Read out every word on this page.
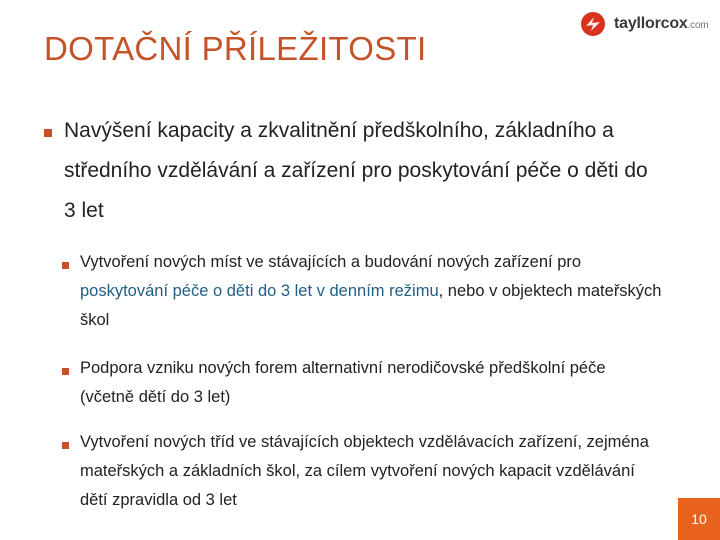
tayllorcox.com
DOTAČNÍ PŘÍLEŽITOSTI
Navýšení kapacity a zkvalitnění předškolního, základního a středního vzdělávání a zařízení pro poskytování péče o děti do 3 let
Vytvoření nových míst ve stávajících a budování nových zařízení pro poskytování péče o děti do 3 let v denním režimu, nebo v objektech mateřských škol
Podpora vzniku nových forem alternativní nerodičovské předškolní péče (včetně dětí do 3 let)
Vytvoření nových tříd ve stávajících objektech vzdělávacích zařízení, zejména mateřských a základních škol, za cílem vytvoření nových kapacit vzdělávání dětí zpravidla od 3 let
10
